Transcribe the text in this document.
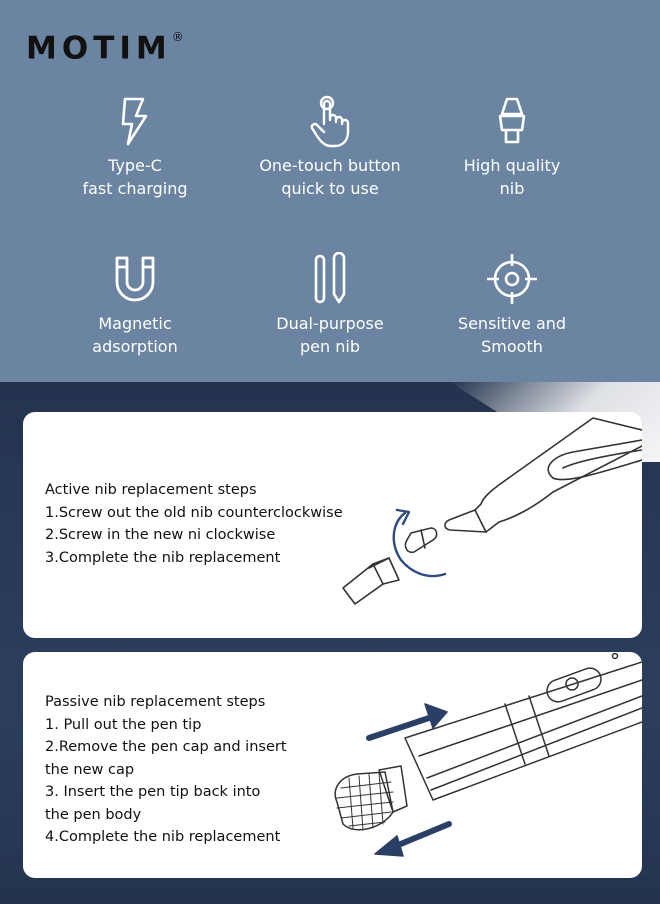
MOTIM®
Type-C
fast charging
One-touch button
quick to use
High quality
nib
Magnetic
adsorption
Dual-purpose
pen nib
Sensitive and
Smooth
Active nib replacement steps
1.Screw out the old nib counterclockwise
2.Screw in the new ni clockwise
3.Complete the nib replacement
Passive nib replacement steps
1. Pull out the pen tip
2.Remove the pen cap and insert
the new cap
3. Insert the pen tip back into
the pen body
4.Complete the nib replacement
